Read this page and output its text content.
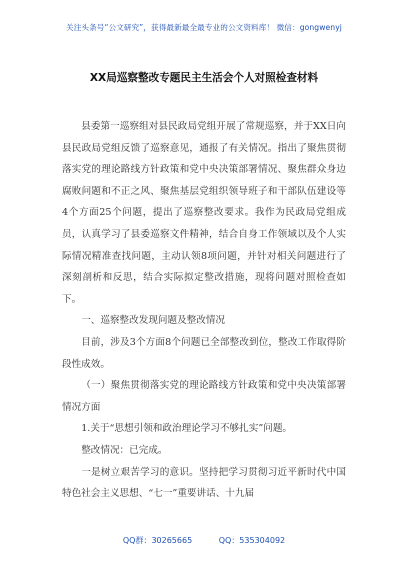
关注头条号“公文研究”，获得最新最全最专业的公文资料库！ 微信：gongwenyj
XX局巡察整改专题民主生活会个人对照检查材料

县委第一巡察组对县民政局党组开展了常规巡察，并于XX日向县民政局党组反馈了巡察意见，通报了有关情况。指出了聚焦贯彻落实党的理论路线方针政策和党中央决策部署情况、聚焦群众身边腐败问题和不正之风、聚焦基层党组织领导班子和干部队伍建设等4个方面25个问题，提出了巡察整改要求。我作为民政局党组成员，认真学习了县委巡察文件精神，结合自身工作领域以及个人实际情况精准查找问题，主动认领8项问题，并针对相关问题进行了深刻剖析和反思，结合实际拟定整改措施，现将问题对照检查如下。

一、巡察整改发现问题及整改情况

目前，涉及3个方面8个问题已全部整改到位，整改工作取得阶段性成效。

（一）聚焦贯彻落实党的理论路线方针政策和党中央决策部署情况方面

1.关于“思想引领和政治理论学习不够扎实”问题。

整改情况：已完成。

一是树立艰苦学习的意识。坚持把学习贯彻习近平新时代中国特色社会主义思想、“七一”重要讲话、十九届

QQ群：30265665	QQ：535304092
